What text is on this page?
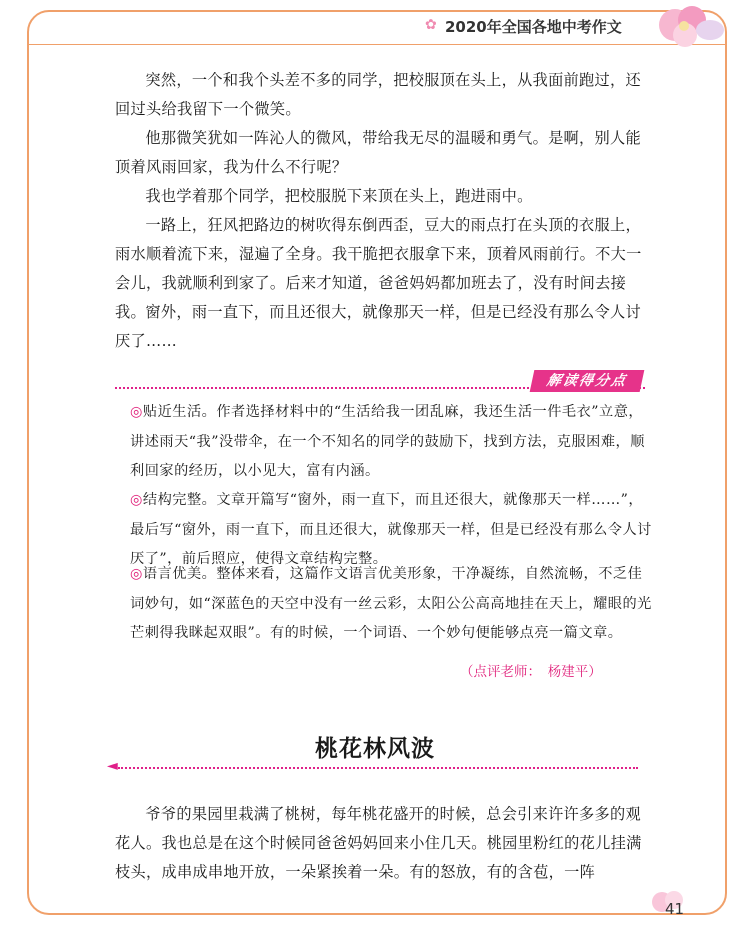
✿ 2020年全国各地中考作文

突然，一个和我个头差不多的同学，把校服顶在头上，从我面前跑过，还回过头给我留下一个微笑。

他那微笑犹如一阵沁人的微风，带给我无尽的温暖和勇气。是啊，别人能顶着风雨回家，我为什么不行呢？

我也学着那个同学，把校服脱下来顶在头上，跑进雨中。

一路上，狂风把路边的树吹得东倒西歪，豆大的雨点打在头顶的衣服上，雨水顺着流下来，湿遍了全身。我干脆把衣服拿下来，顶着风雨前行。不大一会儿，我就顺利到家了。后来才知道，爸爸妈妈都加班去了，没有时间去接我。 窗外，雨一直下，而且还很大，就像那天一样，但是已经没有那么令人讨厌了……

解读得分点

◎贴近生活。作者选择材料中的“生活给我一团乱麻，我还生活一件毛衣”立意，讲述雨天“我”没带伞，在一个不知名的同学的鼓励下，找到方法，克服困难，顺利回家的经历，以小见大，富有内涵。

◎结构完整。文章开篇写“窗外，雨一直下，而且还很大，就像那天一样……”，最后写“窗外，雨一直下，而且还很大，就像那天一样，但是已经没有那么令人讨厌了”，前后照应，使得文章结构完整。

◎语言优美。整体来看，这篇作文语言优美形象，干净凝练，自然流畅，不乏佳词妙句，如“深蓝色的天空中没有一丝云彩，太阳公公高高地挂在天上，耀眼的光芒刺得我眯起双眼”。有的时候，一个词语、一个妙句便能够点亮一篇文章。

（点评老师：　杨建平）
桃花林风波
◄

爷爷的果园里栽满了桃树，每年桃花盛开的时候，总会引来许许多多的观花人。我也总是在这个时候同爸爸妈妈回来小住几天。桃园里粉红的花儿挂满枝头，成串成串地开放，一朵紧挨着一朵。有的怒放，有的含苞，一阵

41
